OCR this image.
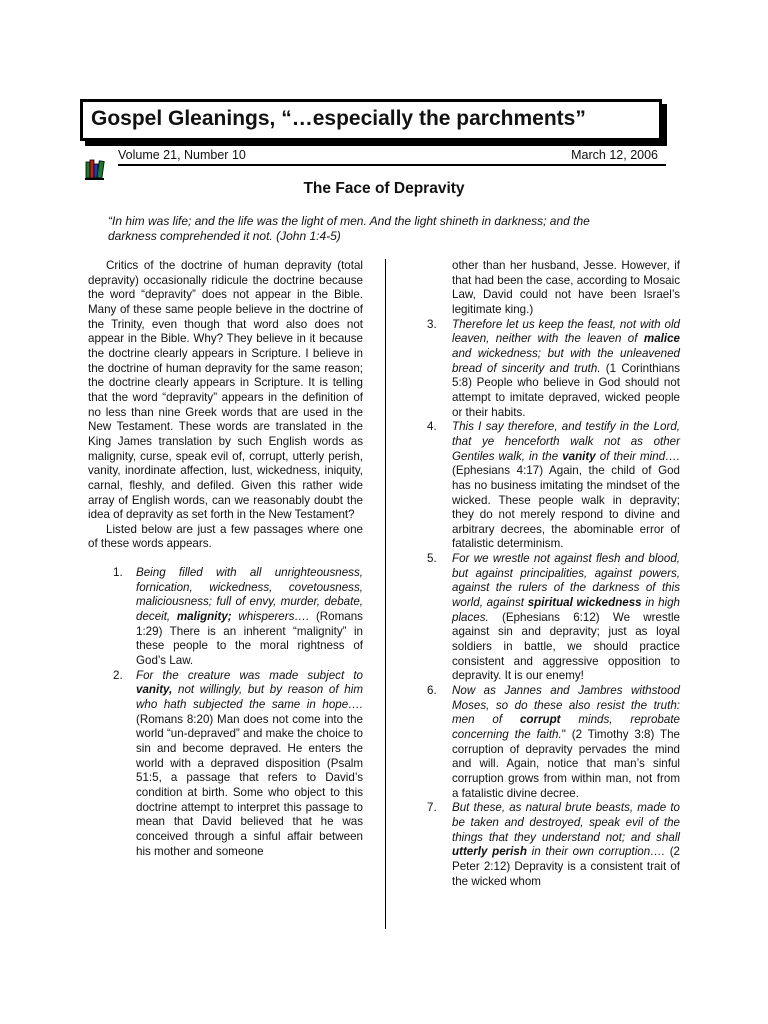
Gospel Gleanings, “…especially the parchments”
Volume 21, Number 10	March 12, 2006
The Face of Depravity
“In him was life; and the life was the light of men. And the light shineth in darkness; and the darkness comprehended it not. (John 1:4-5)

Critics of the doctrine of human depravity (total depravity) occasionally ridicule the doctrine because the word “depravity” does not appear in the Bible. Many of these same people believe in the doctrine of the Trinity, even though that word also does not appear in the Bible. Why? They believe in it because the doctrine clearly appears in Scripture. I believe in the doctrine of human depravity for the same reason; the doctrine clearly appears in Scripture. It is telling that the word “depravity” appears in the definition of no less than nine Greek words that are used in the New Testament. These words are translated in the King James translation by such English words as malignity, curse, speak evil of, corrupt, utterly perish, vanity, inordinate affection, lust, wickedness, iniquity, carnal, fleshly, and defiled. Given this rather wide array of English words, can we reasonably doubt the idea of depravity as set forth in the New Testament?

Listed below are just a few passages where one of these words appears.

1. Being filled with all unrighteousness, fornication, wickedness, covetousness, maliciousness; full of envy, murder, debate, deceit, malignity; whisperers…. (Romans 1:29) There is an inherent “malignity” in these people to the moral rightness of God’s Law.
2. For the creature was made subject to vanity, not willingly, but by reason of him who hath subjected the same in hope…. (Romans 8:20) Man does not come into the world “un-depraved” and make the choice to sin and become depraved. He enters the world with a depraved disposition (Psalm 51:5, a passage that refers to David’s condition at birth. Some who object to this doctrine attempt to interpret this passage to mean that David believed that he was conceived through a sinful affair between his mother and someone

other than her husband, Jesse. However, if that had been the case, according to Mosaic Law, David could not have been Israel’s legitimate king.)

3. Therefore let us keep the feast, not with old leaven, neither with the leaven of malice and wickedness; but with the unleavened bread of sincerity and truth. (1 Corinthians 5:8) People who believe in God should not attempt to imitate depraved, wicked people or their habits.
4. This I say therefore, and testify in the Lord, that ye henceforth walk not as other Gentiles walk, in the vanity of their mind…. (Ephesians 4:17) Again, the child of God has no business imitating the mindset of the wicked. These people walk in depravity; they do not merely respond to divine and arbitrary decrees, the abominable error of fatalistic determinism.
5. For we wrestle not against flesh and blood, but against principalities, against powers, against the rulers of the darkness of this world, against spiritual wickedness in high places. (Ephesians 6:12) We wrestle against sin and depravity; just as loyal soldiers in battle, we should practice consistent and aggressive opposition to depravity. It is our enemy!
6. Now as Jannes and Jambres withstood Moses, so do these also resist the truth: men of corrupt minds, reprobate concerning the faith." (2 Timothy 3:8) The corruption of depravity pervades the mind and will. Again, notice that man’s sinful corruption grows from within man, not from a fatalistic divine decree.
7. But these, as natural brute beasts, made to be taken and destroyed, speak evil of the things that they understand not; and shall utterly perish in their own corruption…. (2 Peter 2:12) Depravity is a consistent trait of the wicked whom
